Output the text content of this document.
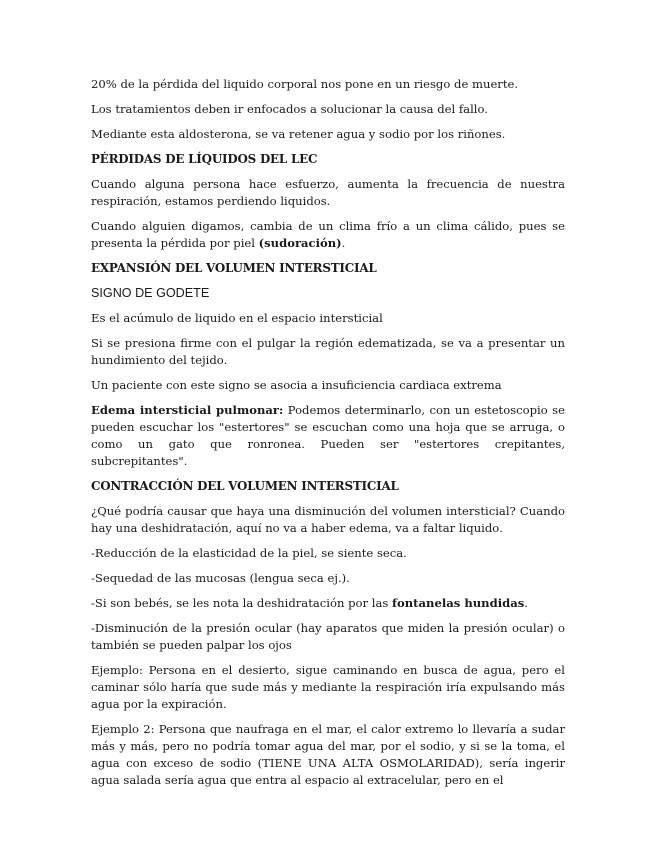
20% de la pérdida del liquido corporal nos pone en un riesgo de muerte.

Los tratamientos deben ir enfocados a solucionar la causa del fallo.

Mediante esta aldosterona, se va retener agua y sodio por los riñones.

PÉRDIDAS DE LÍQUIDOS DEL LEC

Cuando alguna persona hace esfuerzo, aumenta la frecuencia de nuestra respiración, estamos perdiendo liquidos.

Cuando alguien digamos, cambia de un clima frío a un clima cálido, pues se presenta la pérdida por piel (sudoración).

EXPANSIÓN DEL VOLUMEN INTERSTICIAL

SIGNO DE GODETE

Es el acúmulo de liquido en el espacio intersticial

Si se presiona firme con el pulgar la región edematizada, se va a presentar un hundimiento del tejido.

Un paciente con este signo se asocia a insuficiencia cardiaca extrema

Edema intersticial pulmonar: Podemos determinarlo, con un estetoscopio se pueden escuchar los "estertores" se escuchan como una hoja que se arruga, o como un gato que ronronea. Pueden ser "estertores crepitantes, subcrepitantes".

CONTRACCIÓN DEL VOLUMEN INTERSTICIAL

¿Qué podría causar que haya una disminución del volumen intersticial? Cuando hay una deshidratación, aquí no va a haber edema, va a faltar liquido.

-Reducción de la elasticidad de la piel, se siente seca.

-Sequedad de las mucosas (lengua seca ej.).

-Si son bebés, se les nota la deshidratación por las fontanelas hundidas.

-Disminución de la presión ocular (hay aparatos que miden la presión ocular) o también se pueden palpar los ojos

Ejemplo: Persona en el desierto, sigue caminando en busca de agua, pero el caminar sólo haría que sude más y mediante la respiración iría expulsando más agua por la expiración.

Ejemplo 2: Persona que naufraga en el mar, el calor extremo lo llevaría a sudar más y más, pero no podría tomar agua del mar, por el sodio, y si se la toma, el agua con exceso de sodio (TIENE UNA ALTA OSMOLARIDAD), sería ingerir agua salada sería agua que entra al espacio al extracelular, pero en el
